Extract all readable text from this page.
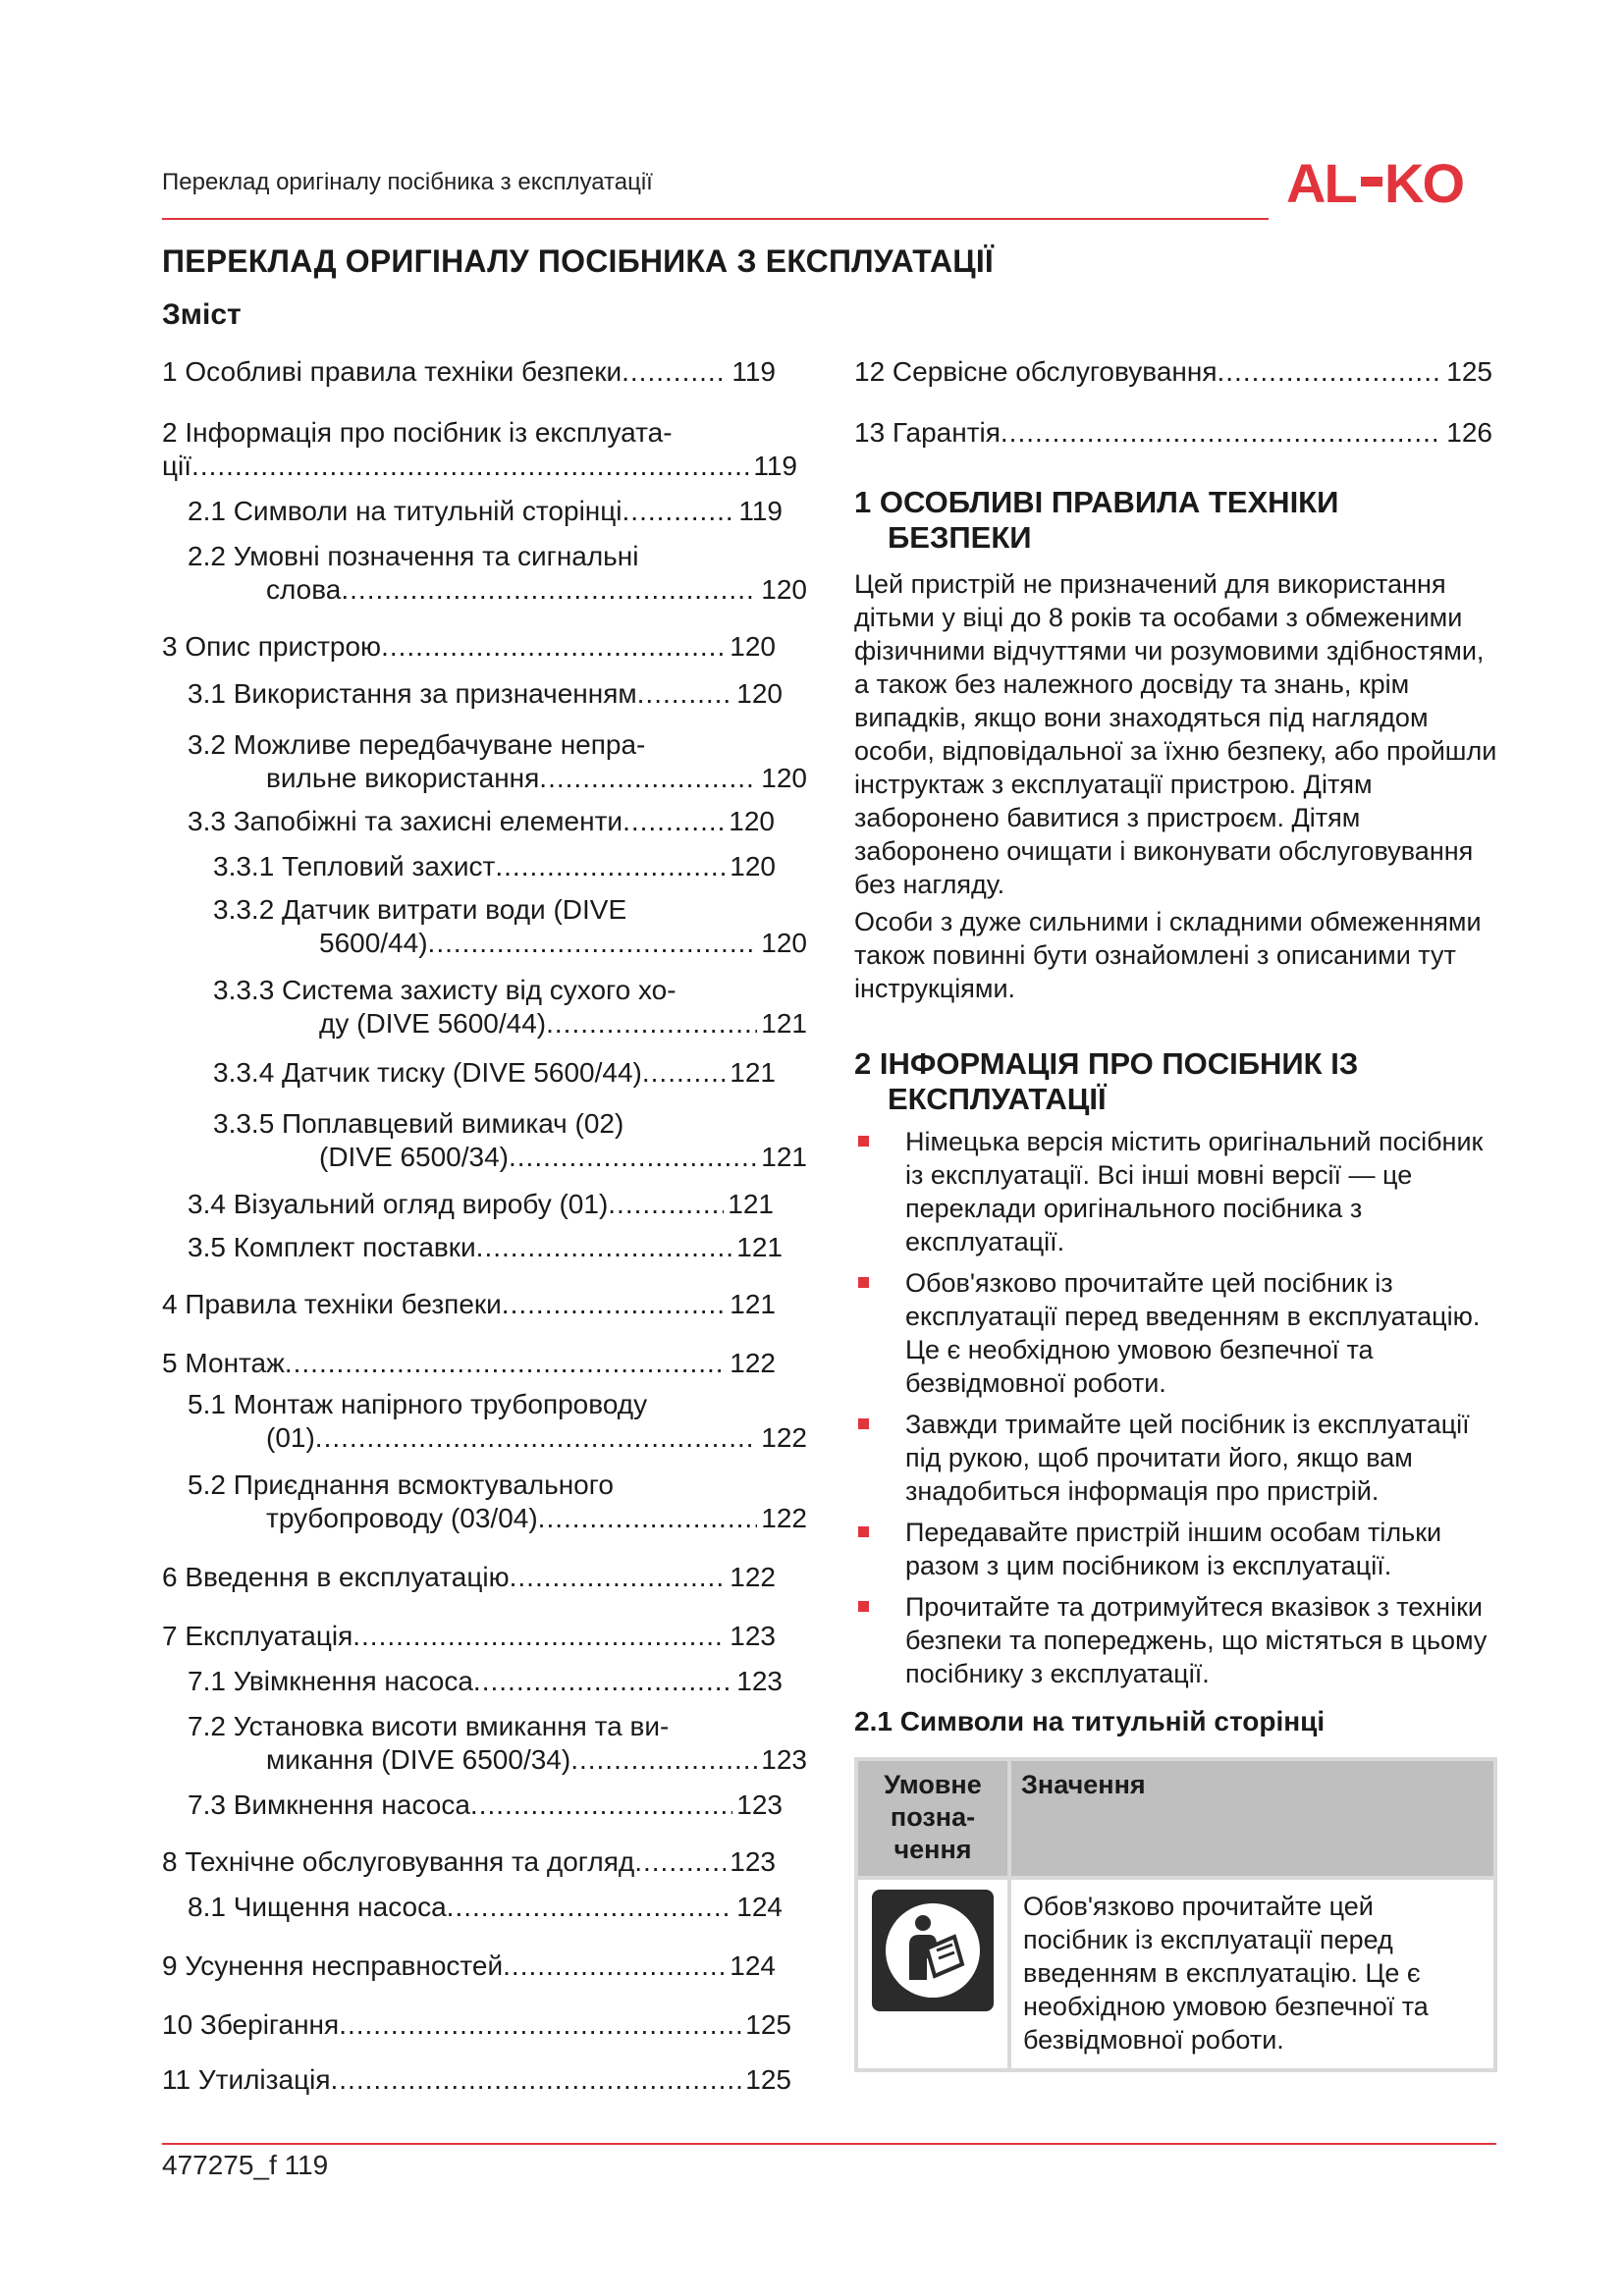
Переклад оригіналу посібника з експлуатації	AL KO
ПЕРЕКЛАД ОРИГІНАЛУ ПОСІБНИКА З ЕКСПЛУАТАЦІЇ
Зміст
1 Особливі правила техніки безпеки .....	119
2 Інформація про посібник із експлуата-
ції .....	119
2.1 Символи на титульній сторінці .....	119
2.2 Умовні позначення та сигнальні
слова .....	120
3 Опис пристрою .....	120
3.1 Використання за призначенням .....	120
3.2 Можливе передбачуване непра-
вильне використання .....	120
3.3 Запобіжні та захисні елементи .....	120
3.3.1 Тепловий захист .....	120
3.3.2 Датчик витрати води (DIVE
5600/44) .....	120
3.3.3 Система захисту від сухого хо-
ду (DIVE 5600/44) .....	121
3.3.4 Датчик тиску (DIVE 5600/44) .....	121
3.3.5 Поплавцевий вимикач (02)
(DIVE 6500/34) .....	121
3.4 Візуальний огляд виробу (01) .....	121
3.5 Комплект поставки .....	121
4 Правила техніки безпеки .....	121
5 Монтаж .....	122
5.1 Монтаж напірного трубопроводу
(01) .....	122
5.2 Приєднання всмоктувального
трубопроводу (03/04) .....	122
6 Введення в експлуатацію .....	122
7 Експлуатація .....	123
7.1 Увімкнення насоса .....	123
7.2 Установка висоти вмикання та ви-
микання (DIVE 6500/34) .....	123
7.3 Вимкнення насоса .....	123
8 Технічне обслуговування та догляд .....	123
8.1 Чищення насоса .....	124
9 Усунення несправностей .....	124
10 Зберігання .....	125
11 Утилізація .....	125
12 Сервісне обслуговування .....	125
13 Гарантія .....	126
1 ОСОБЛИВІ ПРАВИЛА ТЕХНІКИ
БЕЗПЕКИ
Цей пристрій не призначений для використання дітьми у віці до 8 років та особами з обмеженими фізичними відчуттями чи розумовими здібностями, а також без належного досвіду та знань, крім випадків, якщо вони знаходяться під наглядом особи, відповідальної за їхню безпеку, або пройшли інструктаж з експлуатації пристрою. Дітям заборонено бавитися з пристроєм. Дітям заборонено очищати і виконувати обслуговування без нагляду.
Особи з дуже сильними і складними обмеженнями також повинні бути ознайомлені з описаними тут інструкціями.
2 ІНФОРМАЦІЯ ПРО ПОСІБНИК ІЗ
ЕКСПЛУАТАЦІЇ
Німецька версія містить оригінальний посібник із експлуатації. Всі інші мовні версії — це переклади оригінального посібника з експлуатації.
Обов'язково прочитайте цей посібник із експлуатації перед введенням в експлуатацію. Це є необхідною умовою безпечної та безвідмовної роботи.
Завжди тримайте цей посібник із експлуатації під рукою, щоб прочитати його, якщо вам знадобиться інформація про пристрій.
Передавайте пристрій іншим особам тільки разом з цим посібником із експлуатації.
Прочитайте та дотримуйтеся вказівок з техніки безпеки та попереджень, що містяться в цьому посібнику з експлуатації.
2.1 Символи на титульній сторінці
Умовне позна-чення	Значення
	Обов'язково прочитайте цей посібник із експлуатації перед введенням в експлуатацію. Це є необхідною умовою безпечної та безвідмовної роботи.
477275_f 119
